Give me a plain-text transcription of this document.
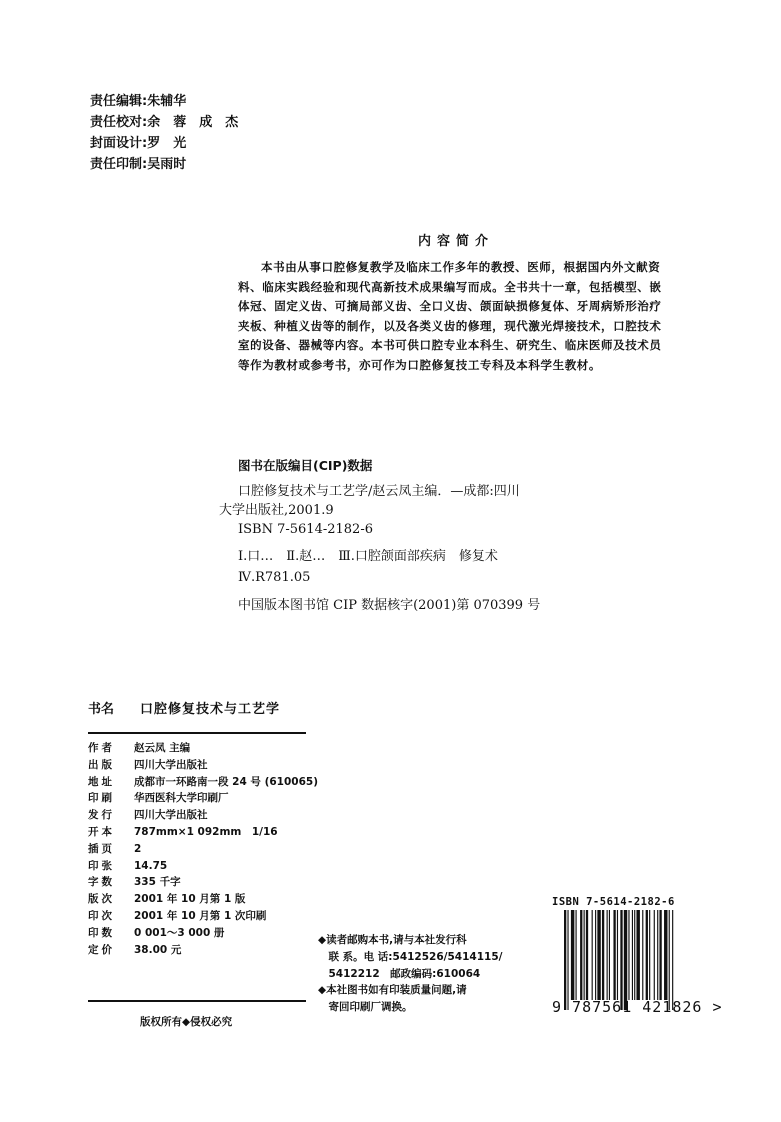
责任编辑:朱辅华
责任校对:余　蓉　成　杰
封面设计:罗　光
责任印制:吴雨时
内容简介
本书由从事口腔修复教学及临床工作多年的教授、医师，根据国内外文献资料、临床实践经验和现代高新技术成果编写而成。全书共十一章，包括模型、嵌体冠、固定义齿、可摘局部义齿、全口义齿、颌面缺损修复体、牙周病矫形治疗夹板、种植义齿等的制作，以及各类义齿的修理，现代激光焊接技术，口腔技术室的设备、器械等内容。本书可供口腔专业本科生、研究生、临床医师及技术员等作为教材或参考书，亦可作为口腔修复技工专科及本科学生教材。
图书在版编目(CIP)数据
口腔修复技术与工艺学/赵云凤主编．—成都:四川
大学出版社,2001.9
ISBN 7-5614-2182-6
Ⅰ.口…　Ⅱ.赵…　Ⅲ.口腔颌面部疾病　修复术
Ⅳ.R781.05
中国版本图书馆 CIP 数据核字(2001)第 070399 号
书名 口腔修复技术与工艺学
作者	赵云凤 主编
出版	四川大学出版社
地址	成都市一环路南一段 24 号 (610065)
印刷	华西医科大学印刷厂
发行	四川大学出版社
开本	787mm×1 092mm　1/16
插页	2
印张	14.75
字数	335 千字
版次	2001 年 10 月第 1 版
印次	2001 年 10 月第 1 次印刷
印数	0 001～3 000 册
定价	38.00 元
版权所有◆侵权必究
◆读者邮购本书,请与本社发行科
　联 系。电 话:5412526/5414115/
　5412212　邮政编码:610064
◆本社图书如有印装质量问题,请
　寄回印刷厂调换。
ISBN 7-5614-2182-6
9 787561 421826 >
